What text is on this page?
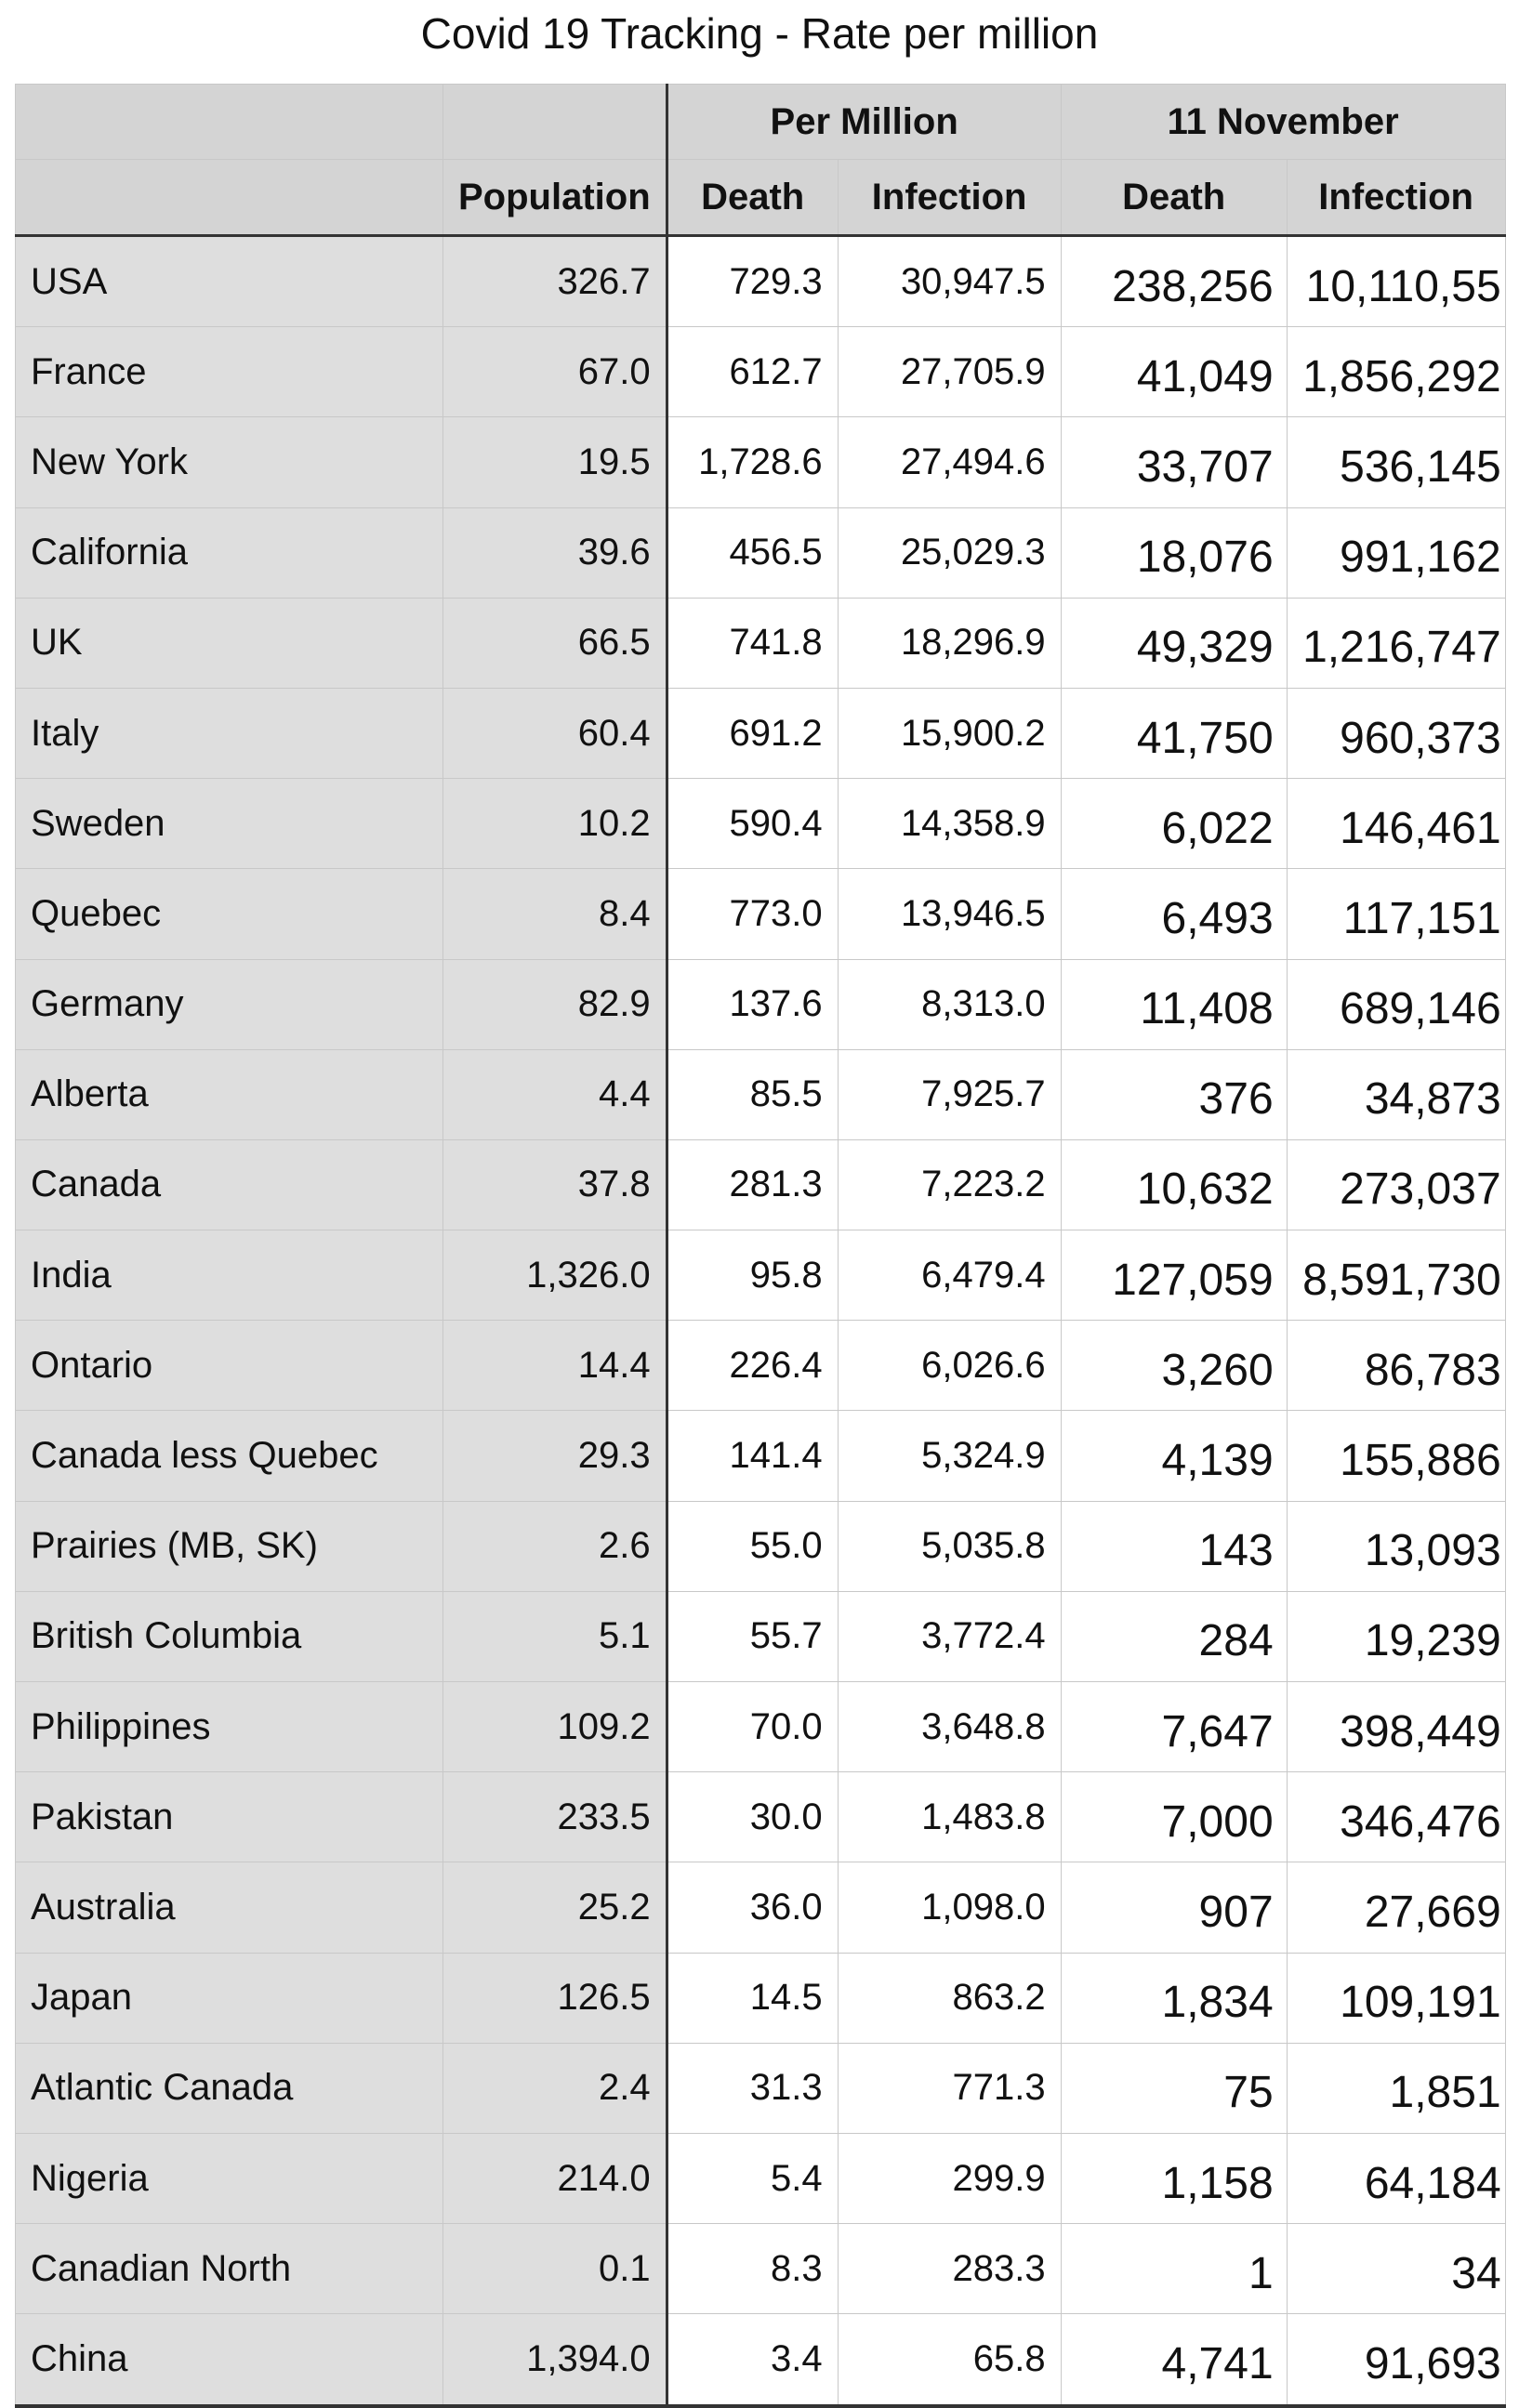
Covid 19 Tracking - Rate per million
		Per Million		11 November	
	Population	Death	Infection	Death	Infection
USA	326.7	729.3	30,947.5	238,256	10,110,55
France	67.0	612.7	27,705.9	41,049	1,856,292
New York	19.5	1,728.6	27,494.6	33,707	536,145
California	39.6	456.5	25,029.3	18,076	991,162
UK	66.5	741.8	18,296.9	49,329	1,216,747
Italy	60.4	691.2	15,900.2	41,750	960,373
Sweden	10.2	590.4	14,358.9	6,022	146,461
Quebec	8.4	773.0	13,946.5	6,493	117,151
Germany	82.9	137.6	8,313.0	11,408	689,146
Alberta	4.4	85.5	7,925.7	376	34,873
Canada	37.8	281.3	7,223.2	10,632	273,037
India	1,326.0	95.8	6,479.4	127,059	8,591,730
Ontario	14.4	226.4	6,026.6	3,260	86,783
Canada less Quebec	29.3	141.4	5,324.9	4,139	155,886
Prairies (MB, SK)	2.6	55.0	5,035.8	143	13,093
British Columbia	5.1	55.7	3,772.4	284	19,239
Philippines	109.2	70.0	3,648.8	7,647	398,449
Pakistan	233.5	30.0	1,483.8	7,000	346,476
Australia	25.2	36.0	1,098.0	907	27,669
Japan	126.5	14.5	863.2	1,834	109,191
Atlantic Canada	2.4	31.3	771.3	75	1,851
Nigeria	214.0	5.4	299.9	1,158	64,184
Canadian North	0.1	8.3	283.3	1	34
China	1,394.0	3.4	65.8	4,741	91,693
